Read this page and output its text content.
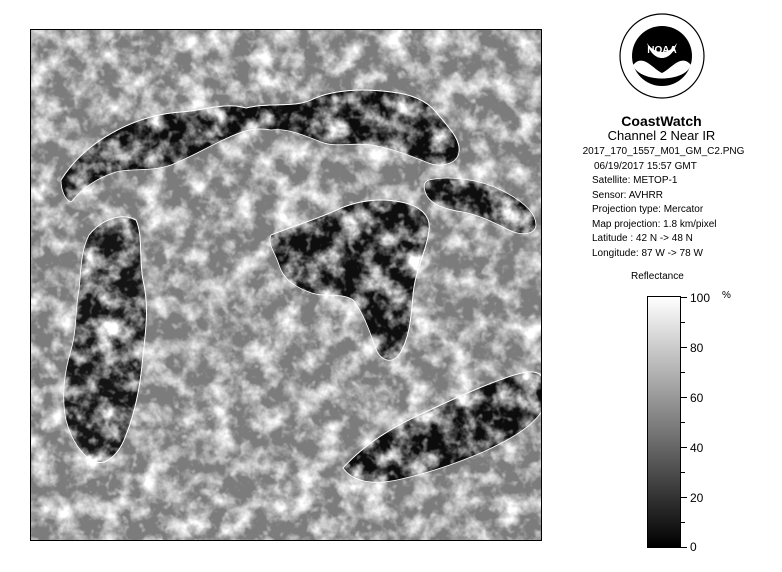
NOAA
CoastWatch
Channel 2 Near IR
2017_170_1557_M01_GM_C2.PNG
06/19/2017 15:57 GMT
Satellite: METOP-1
Sensor: AVHRR
Projection type: Mercator
Map projection: 1.8 km/pixel
Latitude : 42 N -> 48 N
Longitude: 87 W -> 78 W
Reflectance
%
100
80
60
40
20
0
